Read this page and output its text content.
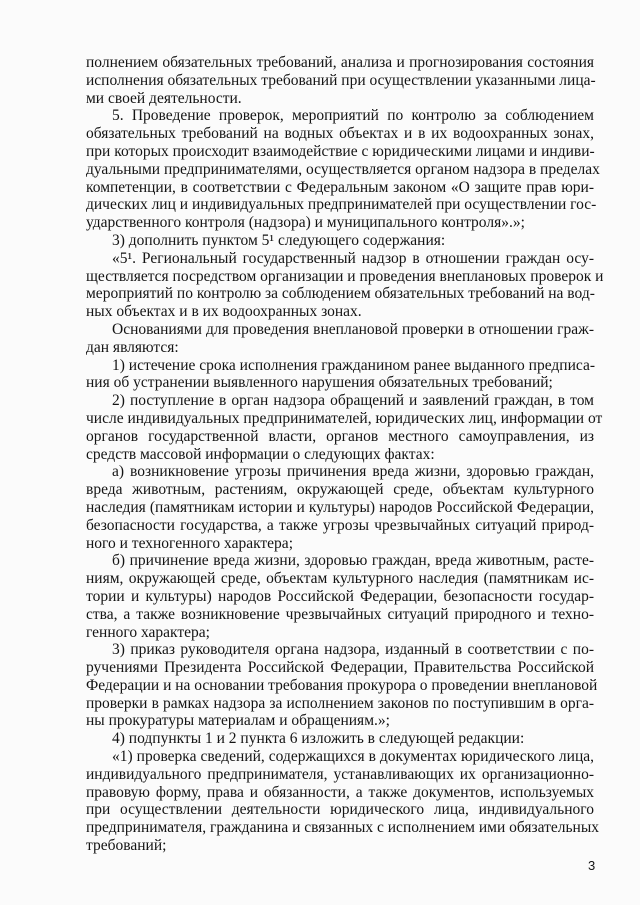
полнением обязательных требований, анализа и прогнозирования состояния
исполнения обязательных требований при осуществлении указанными лица-
ми своей деятельности.
5. Проведение проверок, мероприятий по контролю за соблюдением
обязательных требований на водных объектах и в их водоохранных зонах,
при которых происходит взаимодействие с юридическими лицами и индиви-
дуальными предпринимателями, осуществляется органом надзора в пределах
компетенции, в соответствии с Федеральным законом «О защите прав юри-
дических лиц и индивидуальных предпринимателей при осуществлении гос-
ударственного контроля (надзора) и муниципального контроля».»;
3) дополнить пунктом 5¹ следующего содержания:
«5¹. Региональный государственный надзор в отношении граждан осу-
ществляется посредством организации и проведения внеплановых проверок и
мероприятий по контролю за соблюдением обязательных требований на вод-
ных объектах и в их водоохранных зонах.
Основаниями для проведения внеплановой проверки в отношении граж-
дан являются:
1) истечение срока исполнения гражданином ранее выданного предписа-
ния об устранении выявленного нарушения обязательных требований;
2) поступление в орган надзора обращений и заявлений граждан, в том
числе индивидуальных предпринимателей, юридических лиц, информации от
органов государственной власти, органов местного самоуправления, из
средств массовой информации о следующих фактах:
а) возникновение угрозы причинения вреда жизни, здоровью граждан,
вреда животным, растениям, окружающей среде, объектам культурного
наследия (памятникам истории и культуры) народов Российской Федерации,
безопасности государства, а также угрозы чрезвычайных ситуаций природ-
ного и техногенного характера;
б) причинение вреда жизни, здоровью граждан, вреда животным, расте-
ниям, окружающей среде, объектам культурного наследия (памятникам ис-
тории и культуры) народов Российской Федерации, безопасности государ-
ства, а также возникновение чрезвычайных ситуаций природного и техно-
генного характера;
3) приказ руководителя органа надзора, изданный в соответствии с по-
ручениями Президента Российской Федерации, Правительства Российской
Федерации и на основании требования прокурора о проведении внеплановой
проверки в рамках надзора за исполнением законов по поступившим в орга-
ны прокуратуры материалам и обращениям.»;
4) подпункты 1 и 2 пункта 6 изложить в следующей редакции:
«1) проверка сведений, содержащихся в документах юридического лица,
индивидуального предпринимателя, устанавливающих их организационно-
правовую форму, права и обязанности, а также документов, используемых
при осуществлении деятельности юридического лица, индивидуального
предпринимателя, гражданина и связанных с исполнением ими обязательных
требований;
3
